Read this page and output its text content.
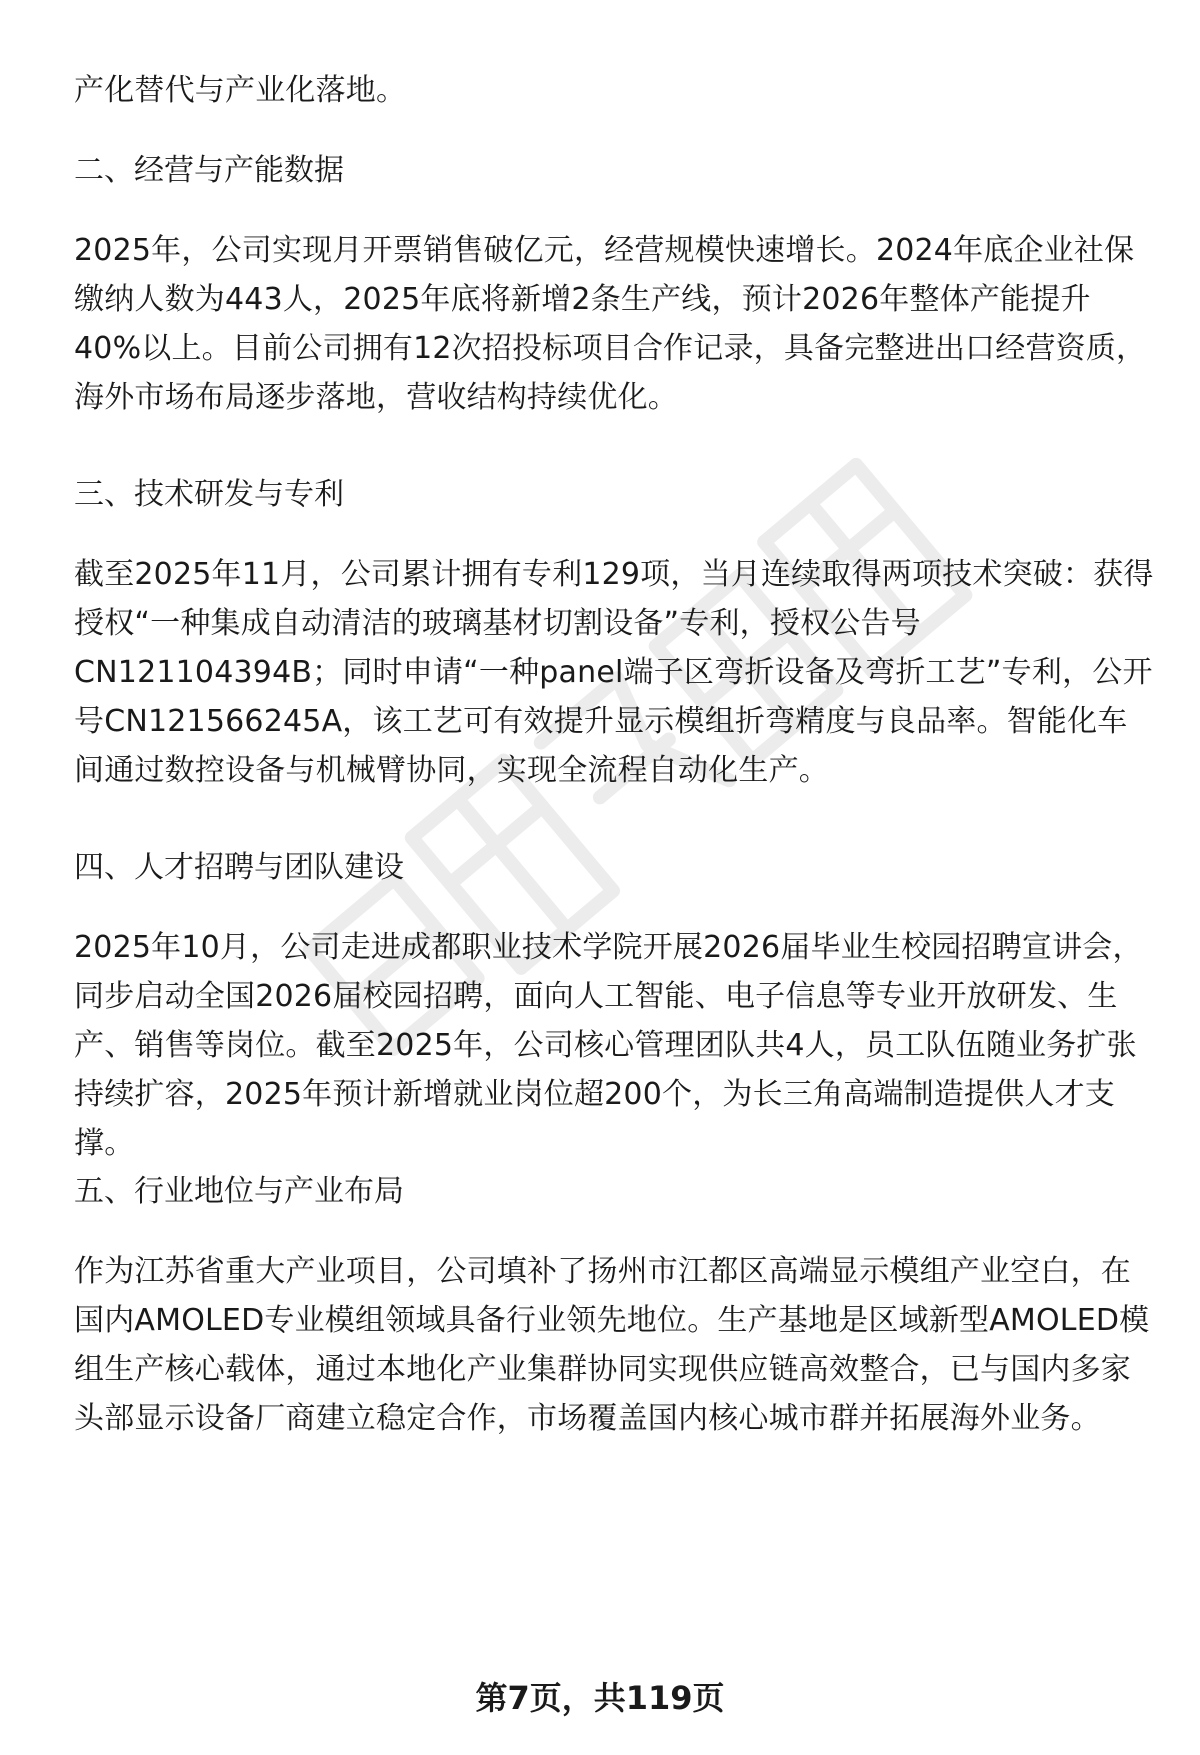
产化替代与产业化落地。

二、经营与产能数据

2025年，公司实现月开票销售破亿元，经营规模快速增长。2024年底企业社保缴纳人数为443人，2025年底将新增2条生产线，预计2026年整体产能提升40%以上。目前公司拥有12次招投标项目合作记录，具备完整进出口经营资质，海外市场布局逐步落地，营收结构持续优化。

三、技术研发与专利

截至2025年11月，公司累计拥有专利129项，当月连续取得两项技术突破：获得授权“一种集成自动清洁的玻璃基材切割设备”专利，授权公告号CN121104394B；同时申请“一种panel端子区弯折设备及弯折工艺”专利，公开号CN121566245A，该工艺可有效提升显示模组折弯精度与良品率。智能化车间通过数控设备与机械臂协同，实现全流程自动化生产。

四、人才招聘与团队建设

2025年10月，公司走进成都职业技术学院开展2026届毕业生校园招聘宣讲会，同步启动全国2026届校园招聘，面向人工智能、电子信息等专业开放研发、生产、销售等岗位。截至2025年，公司核心管理团队共4人，员工队伍随业务扩张持续扩容，2025年预计新增就业岗位超200个，为长三角高端制造提供人才支撑。

五、行业地位与产业布局

作为江苏省重大产业项目，公司填补了扬州市江都区高端显示模组产业空白，在国内AMOLED专业模组领域具备行业领先地位。生产基地是区域新型AMOLED模组生产核心载体，通过本地化产业集群协同实现供应链高效整合，已与国内多家头部显示设备厂商建立稳定合作，市场覆盖国内核心城市群并拓展海外业务。

第7页，共119页
